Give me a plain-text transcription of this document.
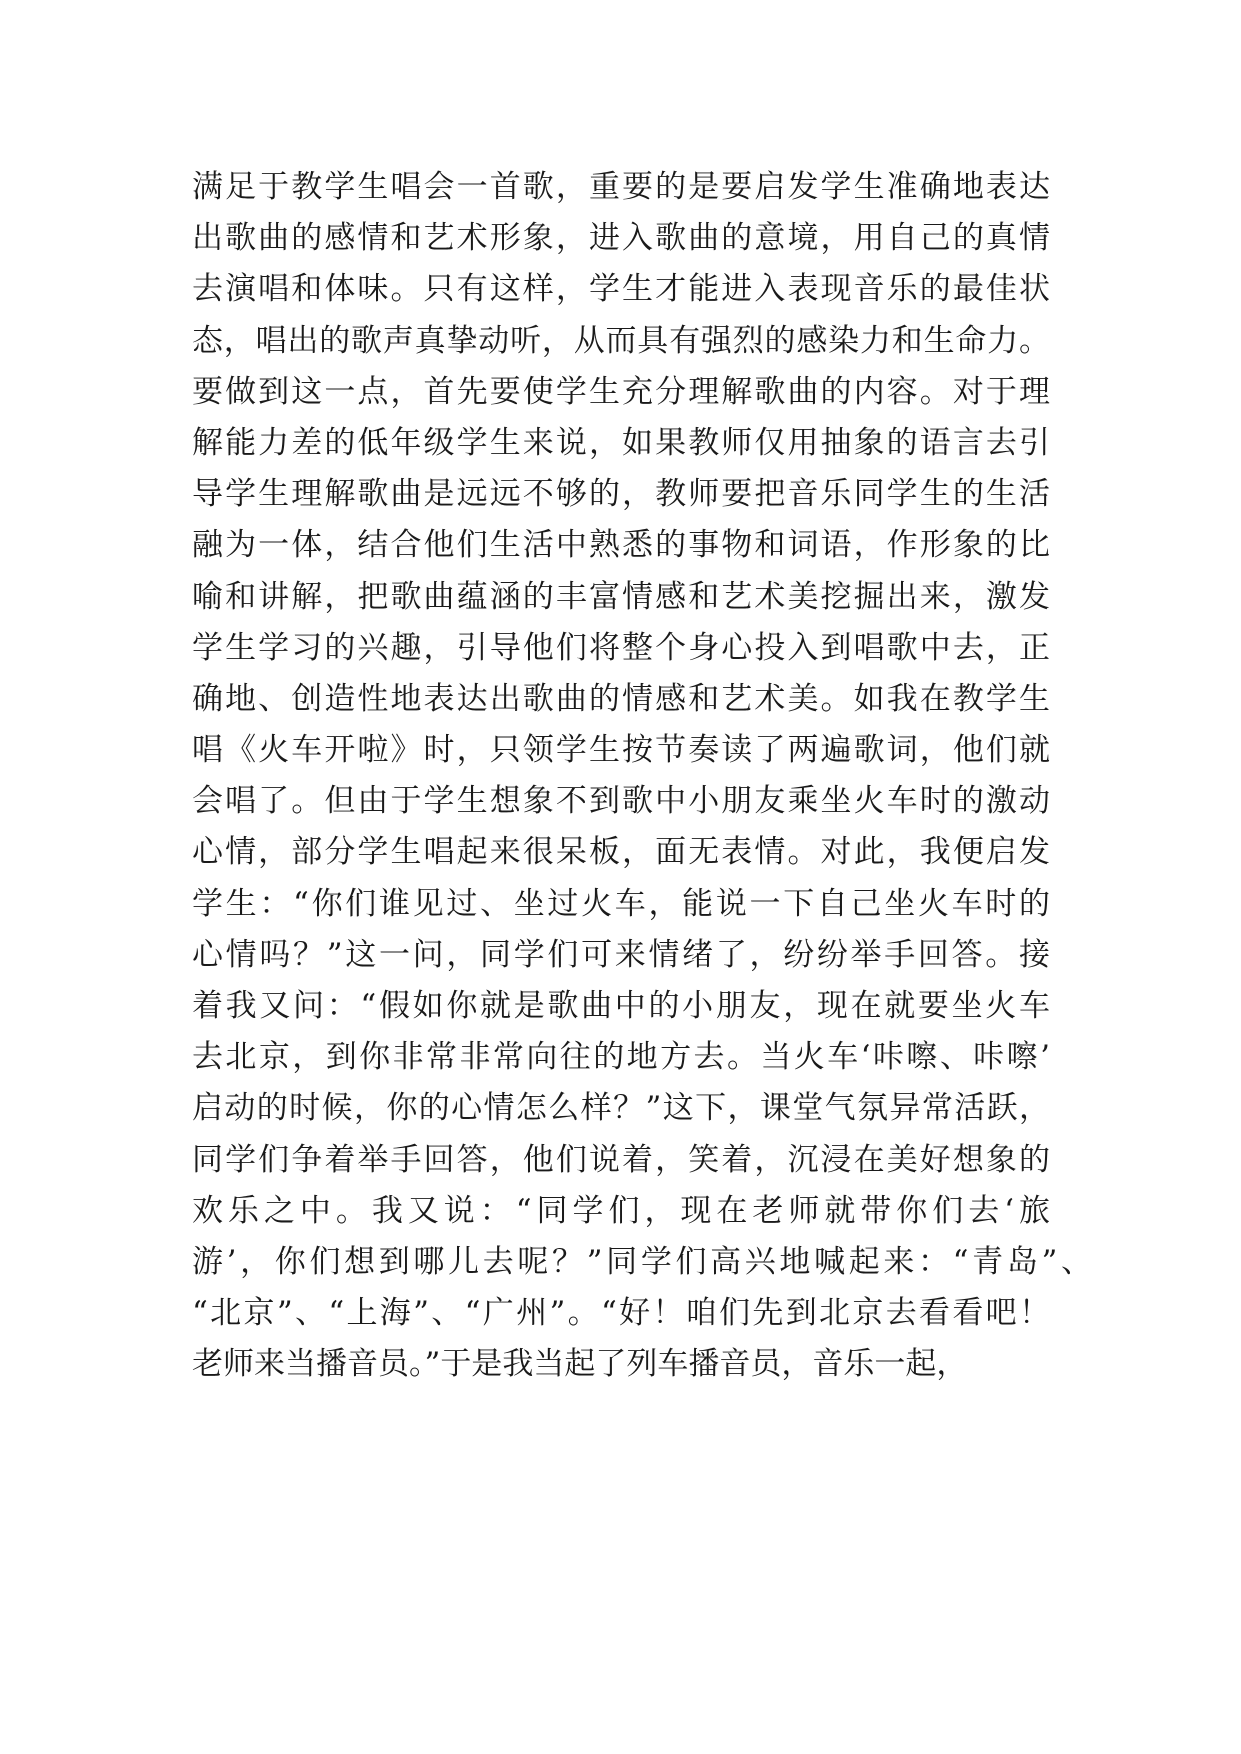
满足于教学生唱会一首歌，重要的是要启发学生准确地表达
出歌曲的感情和艺术形象，进入歌曲的意境，用自己的真情
去演唱和体味。只有这样，学生才能进入表现音乐的最佳状
态，唱出的歌声真挚动听，从而具有强烈的感染力和生命力。
要做到这一点，首先要使学生充分理解歌曲的内容。对于理
解能力差的低年级学生来说，如果教师仅用抽象的语言去引
导学生理解歌曲是远远不够的，教师要把音乐同学生的生活
融为一体，结合他们生活中熟悉的事物和词语，作形象的比
喻和讲解，把歌曲蕴涵的丰富情感和艺术美挖掘出来，激发
学生学习的兴趣，引导他们将整个身心投入到唱歌中去，正
确地、创造性地表达出歌曲的情感和艺术美。如我在教学生
唱《火车开啦》时，只领学生按节奏读了两遍歌词，他们就
会唱了。但由于学生想象不到歌中小朋友乘坐火车时的激动
心情，部分学生唱起来很呆板，面无表情。对此，我便启发
学生：“你们谁见过、坐过火车，能说一下自己坐火车时的
心情吗？”这一问，同学们可来情绪了，纷纷举手回答。接
着我又问：“假如你就是歌曲中的小朋友，现在就要坐火车
去北京，到你非常非常向往的地方去。当火车‘咔嚓、咔嚓’
启动的时候，你的心情怎么样？”这下，课堂气氛异常活跃，
同学们争着举手回答，他们说着，笑着，沉浸在美好想象的
欢乐之中。我又说：“同学们，现在老师就带你们去‘旅
游’，你们想到哪儿去呢？”同学们高兴地喊起来：“青岛”、
“北京”、“上海”、“广州”。“好！咱们先到北京去看看吧！
老师来当播音员。”于是我当起了列车播音员，音乐一起，
